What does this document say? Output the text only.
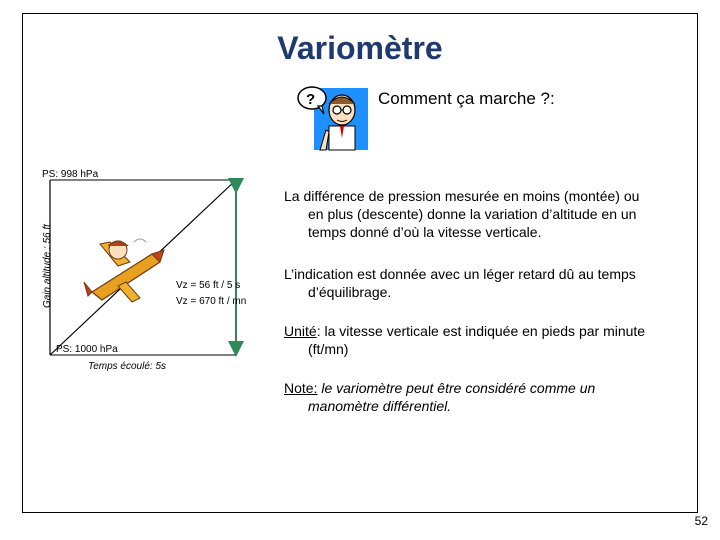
Variomètre
?	Comment ça marche ?:
PS: 998 hPa
PS: 1000 hPa
Temps écoulé: 5s
Gain altitude : 56 ft	Vz = 56 ft / 5 s
Vz = 670 ft / mn
La différence de pression mesurée en moins (montée) ou
en plus (descente) donne la variation d’altitude en un
temps donné d’où la vitesse verticale.
L’indication est donnée avec un léger retard dû au temps
d’équilibrage.
Unité: la vitesse verticale est indiquée en pieds par minute
(ft/mn)
Note: le variomètre peut être considéré comme un
manomètre différentiel.
52
